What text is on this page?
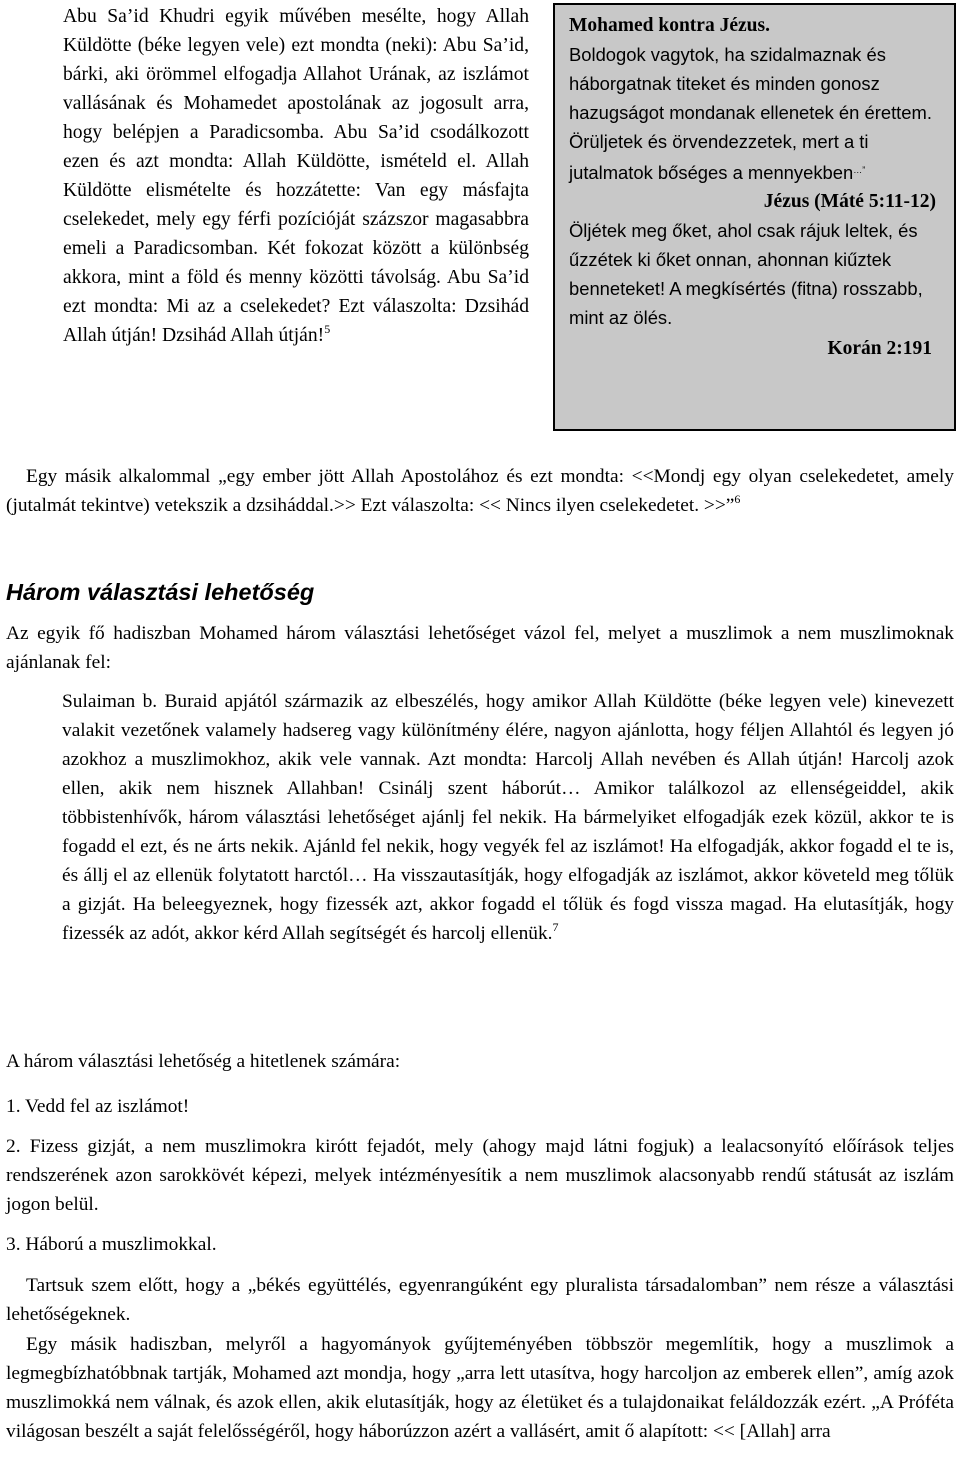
Abu Sa’id Khudri egyik művében mesélte, hogy Allah Küldötte (béke legyen vele) ezt mondta (neki): Abu Sa’id, bárki, aki örömmel elfogadja Allahot Urának, az iszlámot vallásának és Mohamedet apostolának az jogosult arra, hogy belépjen a Paradicsomba. Abu Sa’id csodálkozott ezen és azt mondta: Allah Küldötte, ismételd el. Allah Küldötte elismételte és hozzátette: Van egy másfajta cselekedet, mely egy férfi pozícióját százszor magasabbra emeli a Paradicsomban. Két fokozat között a különbség akkora, mint a föld és menny közötti távolság. Abu Sa’id ezt mondta: Mi az a cselekedet? Ezt válaszolta: Dzsihád Allah útján! Dzsihád Allah útján!$^5$

Mohamed kontra Jézus.
Boldogok vagytok, ha szidalmaznak és háborgatnak titeket és minden gonosz hazugságot mondanak ellenetek én érettem. Örüljetek és örvendezzetek, mert a ti jutalmatok bőséges a mennyekben…”
Jézus (Máté 5:11-12)
Öljétek meg őket, ahol csak rájuk leltek, és űzzétek ki őket onnan, ahonnan kiűztek benneteket! A megkísértés (fitna) rosszabb, mint az ölés.
Korán 2:191

Egy másik alkalommal „egy ember jött Allah Apostolához és ezt mondta: <<Mondj egy olyan cselekedetet, amely (jutalmát tekintve) vetekszik a dzsiháddal.>> Ezt válaszolta: << Nincs ilyen cselekedetet. >>”$^6$

Három választási lehetőség

Az egyik fő hadiszban Mohamed három választási lehetőséget vázol fel, melyet a muszlimok a nem muszlimoknak ajánlanak fel:

Sulaiman b. Buraid apjától származik az elbeszélés, hogy amikor Allah Küldötte (béke legyen vele) kinevezett valakit vezetőnek valamely hadsereg vagy különítmény élére, nagyon ajánlotta, hogy féljen Allahtól és legyen jó azokhoz a muszlimokhoz, akik vele vannak. Azt mondta: Harcolj Allah nevében és Allah útján! Harcolj azok ellen, akik nem hisznek Allahban! Csinálj szent háborút… Amikor találkozol az ellenségeiddel, akik többistenhívők, három választási lehetőséget ajánlj fel nekik. Ha bármelyiket elfogadják ezek közül, akkor te is fogadd el ezt, és ne árts nekik. Ajánld fel nekik, hogy vegyék fel az iszlámot! Ha elfogadják, akkor fogadd el te is, és állj el az ellenük folytatott harctól… Ha visszautasítják, hogy elfogadják az iszlámot, akkor követeld meg tőlük a gizját. Ha beleegyeznek, hogy fizessék azt, akkor fogadd el tőlük és fogd vissza magad. Ha elutasítják, hogy fizessék az adót, akkor kérd Allah segítségét és harcolj ellenük.$^7$

A három választási lehetőség a hitetlenek számára:

1. Vedd fel az iszlámot!

2. Fizess gizját, a nem muszlimokra kirótt fejadót, mely (ahogy majd látni fogjuk) a lealacsonyító előírások teljes rendszerének azon sarokkövét képezi, melyek intézményesítik a nem muszlimok alacsonyabb rendű státusát az iszlám jogon belül.

3. Háború a muszlimokkal.

Tartsuk szem előtt, hogy a „békés együttélés, egyenrangúként egy pluralista társadalomban” nem része a választási lehetőségeknek.

Egy másik hadiszban, melyről a hagyományok gyűjteményében többször megemlítik, hogy a muszlimok a legmegbízhatóbbnak tartják, Mohamed azt mondja, hogy „arra lett utasítva, hogy harcoljon az emberek ellen”, amíg azok muszlimokká nem válnak, és azok ellen, akik elutasítják, hogy az életüket és a tulajdonaikat feláldozzák ezért. „A Próféta világosan beszélt a saját felelősségéről, hogy háborúzzon azért a vallásért, amit ő alapított: << [Allah] arra
